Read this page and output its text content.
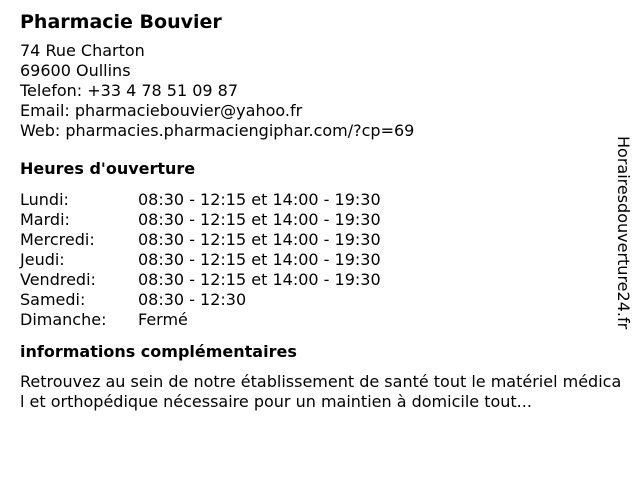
Pharmacie Bouvier
74 Rue Charton
69600 Oullins
Telefon: +33 4 78 51 09 87
Email: pharmaciebouvier@yahoo.fr
Web: pharmacies.pharmaciengiphar.com/?cp=69
Heures d'ouverture
Lundi:	08:30 - 12:15 et 14:00 - 19:30
Mardi:	08:30 - 12:15 et 14:00 - 19:30
Mercredi:	08:30 - 12:15 et 14:00 - 19:30
Jeudi:	08:30 - 12:15 et 14:00 - 19:30
Vendredi:	08:30 - 12:15 et 14:00 - 19:30
Samedi:	08:30 - 12:30
Dimanche:	Fermé
informations complémentaires
Retrouvez au sein de notre établissement de santé tout le matériel médical et orthopédique nécessaire pour un maintien à domicile tout...
Horairesdouverture24.fr
